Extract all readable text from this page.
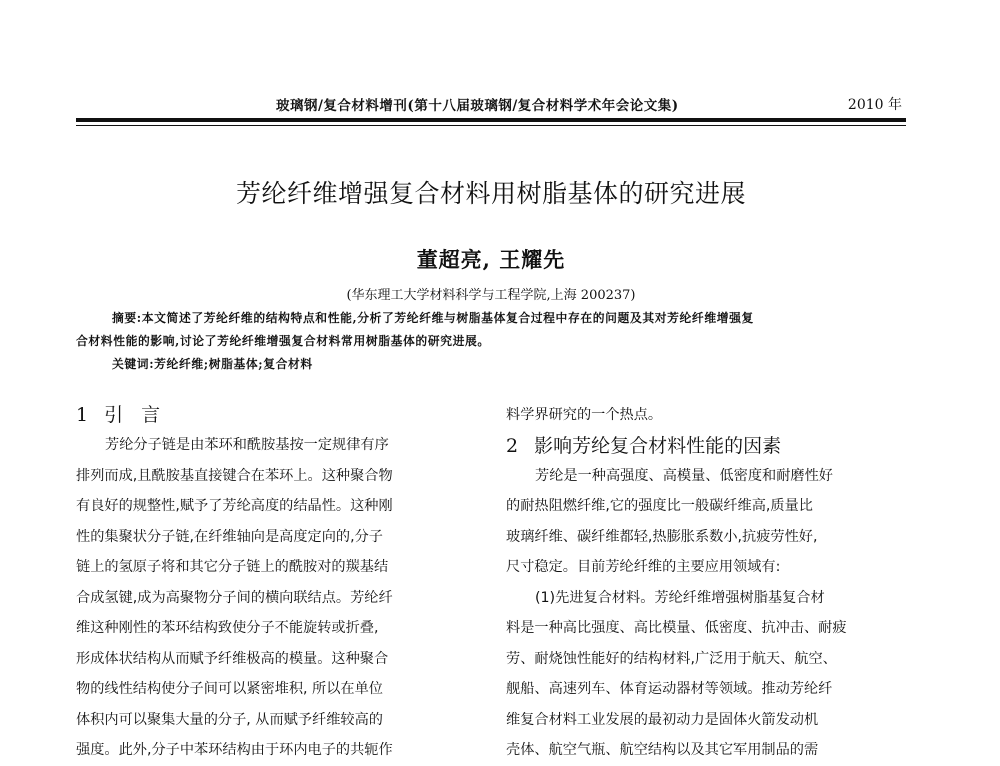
玻璃钢/复合材料增刊(第十八届玻璃钢/复合材料学术年会论文集)	2010 年
芳纶纤维增强复合材料用树脂基体的研究进展
董超亮, 王耀先
(华东理工大学材料科学与工程学院,上海 200237)

摘要:本文简述了芳纶纤维的结构特点和性能,分析了芳纶纤维与树脂基体复合过程中存在的问题及其对芳纶纤维增强复

合材料性能的影响,讨论了芳纶纤维增强复合材料常用树脂基体的研究进展。

关键词:芳纶纤维;树脂基体;复合材料

1 引 言

芳纶分子链是由苯环和酰胺基按一定规律有序

排列而成,且酰胺基直接键合在苯环上。这种聚合物

有良好的规整性,赋予了芳纶高度的结晶性。这种刚

性的集聚状分子链,在纤维轴向是高度定向的,分子

链上的氢原子将和其它分子链上的酰胺对的羰基结

合成氢键,成为高聚物分子间的横向联结点。芳纶纤

维这种刚性的苯环结构致使分子不能旋转或折叠,

形成体状结构从而赋予纤维极高的模量。这种聚合

物的线性结构使分子间可以紧密堆积, 所以在单位

体积内可以聚集大量的分子, 从而赋予纤维较高的

强度。此外,分子中苯环结构由于环内电子的共轭作

料学界研究的一个热点。

2 影响芳纶复合材料性能的因素

芳纶是一种高强度、高模量、低密度和耐磨性好

的耐热阻燃纤维,它的强度比一般碳纤维高,质量比

玻璃纤维、碳纤维都轻,热膨胀系数小,抗疲劳性好,

尺寸稳定。目前芳纶纤维的主要应用领域有:

(1)先进复合材料。芳纶纤维增强树脂基复合材

料是一种高比强度、高比模量、低密度、抗冲击、耐疲

劳、耐烧蚀性能好的结构材料,广泛用于航天、航空、

舰船、高速列车、体育运动器材等领域。推动芳纶纤

维复合材料工业发展的最初动力是固体火箭发动机

壳体、航空气瓶、航空结构以及其它军用制品的需
